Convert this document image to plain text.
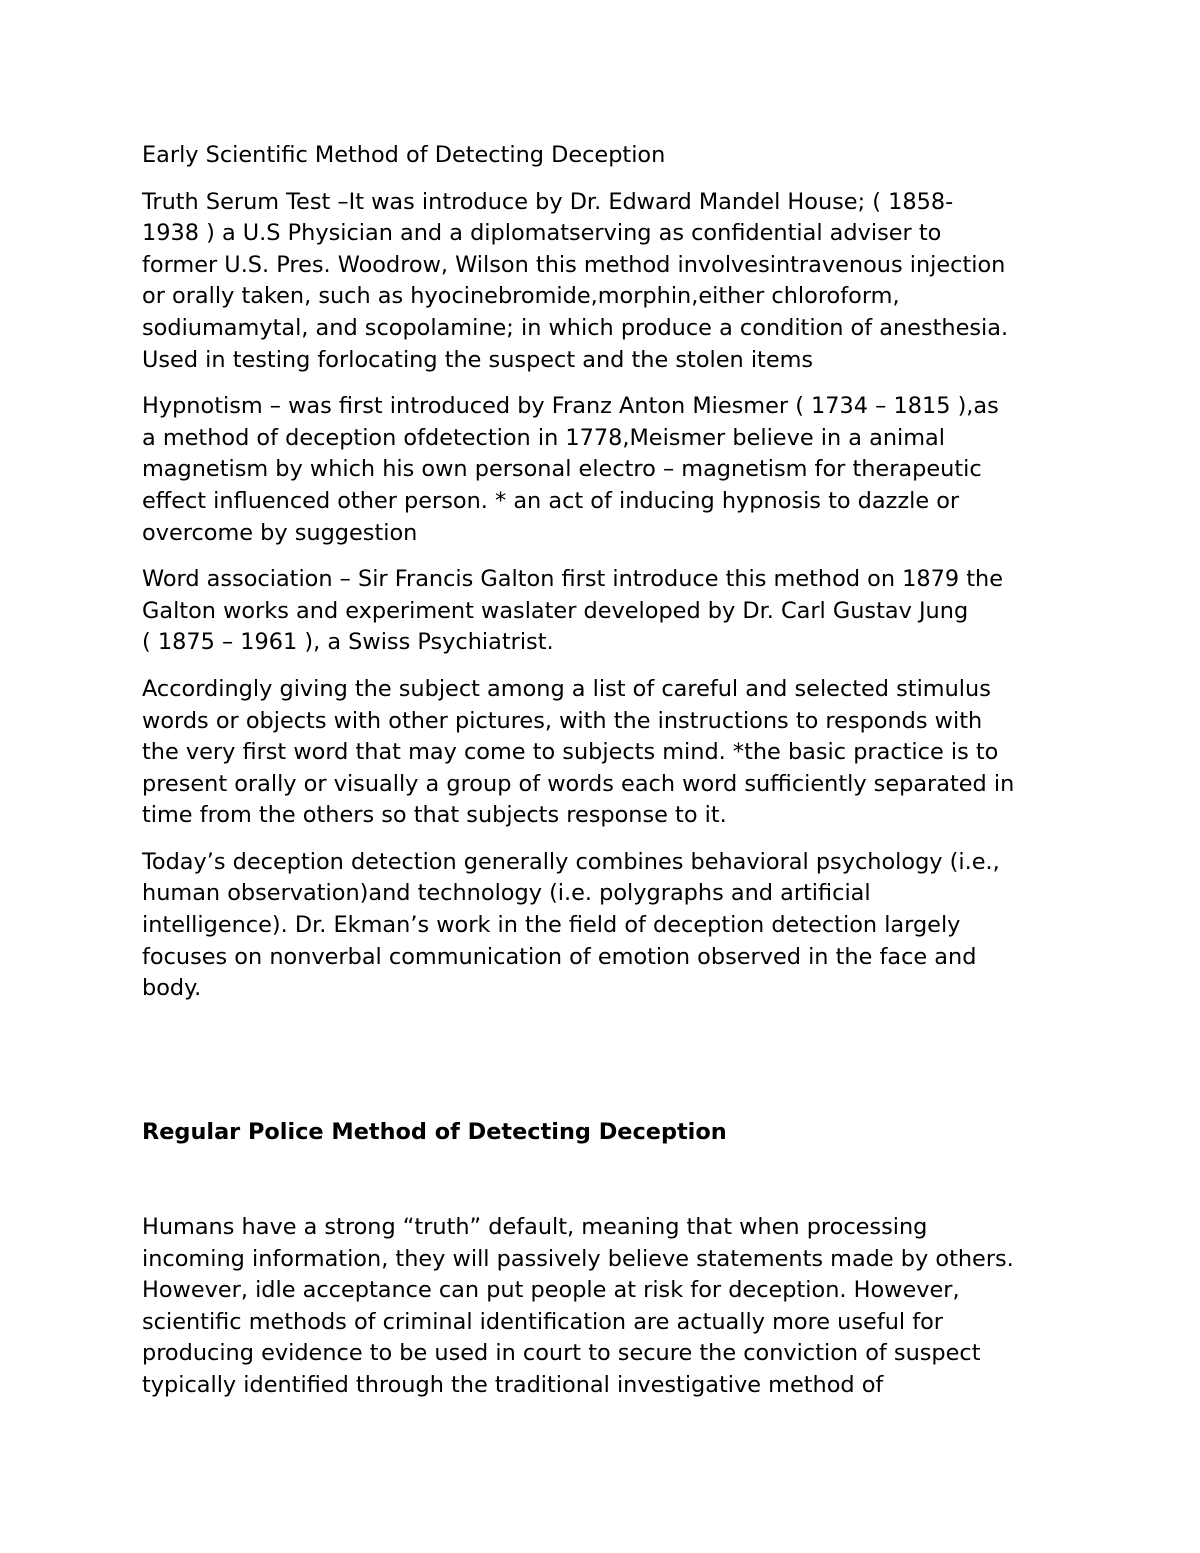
Early Scientific Method of Detecting Deception
Truth Serum Test –It was introduce by Dr. Edward Mandel House; ( 1858-
1938 ) a U.S Physician and a diplomatserving as confidential adviser to
former U.S. Pres. Woodrow, Wilson this method involvesintravenous injection
or orally taken, such as hyocinebromide,morphin,either chloroform,
sodiumamytal, and scopolamine; in which produce a condition of anesthesia.
Used in testing forlocating the suspect and the stolen items
Hypnotism – was first introduced by Franz Anton Miesmer ( 1734 – 1815 ),as
a method of deception ofdetection in 1778,Meismer believe in a animal
magnetism by which his own personal electro – magnetism for therapeutic
effect influenced other person. * an act of inducing hypnosis to dazzle or
overcome by suggestion
Word association – Sir Francis Galton first introduce this method on 1879 the
Galton works and experiment waslater developed by Dr. Carl Gustav Jung
( 1875 – 1961 ), a Swiss Psychiatrist.
Accordingly giving the subject among a list of careful and selected stimulus
words or objects with other pictures, with the instructions to responds with
the very first word that may come to subjects mind. *the basic practice is to
present orally or visually a group of words each word sufficiently separated in
time from the others so that subjects response to it.
Today’s deception detection generally combines behavioral psychology (i.e.,
human observation)and technology (i.e. polygraphs and artificial
intelligence). Dr. Ekman’s work in the field of deception detection largely
focuses on nonverbal communication of emotion observed in the face and
body.
Regular Police Method of Detecting Deception
Humans have a strong “truth” default, meaning that when processing
incoming information, they will passively believe statements made by others.
However, idle acceptance can put people at risk for deception. However,
scientific methods of criminal identification are actually more useful for
producing evidence to be used in court to secure the conviction of suspect
typically identified through the traditional investigative method of
